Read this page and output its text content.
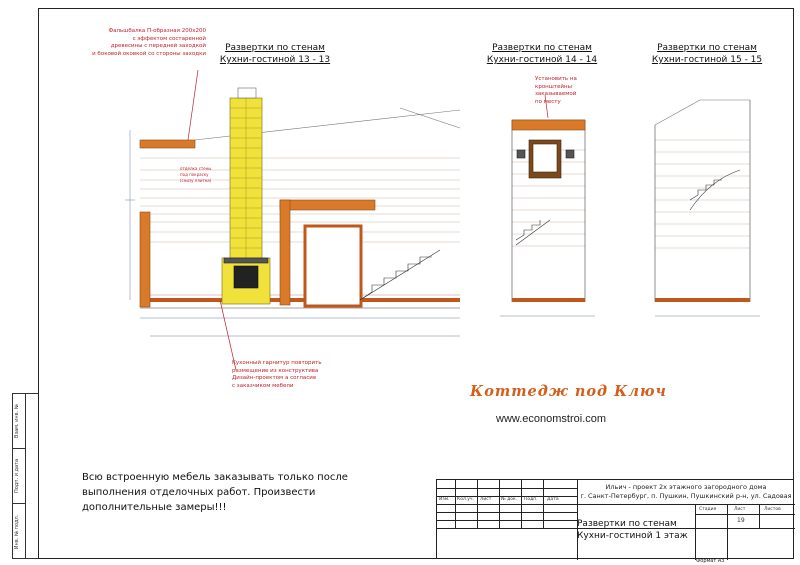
Взам. инв. №
Подп. и дата
Инв. № подл.
отделка стены
под покраску
(снизу плитка)
Развертки по стенам
Кухни-гостиной 13 - 13
Развертки по стенам
Кухни-гостиной 14 - 14
Развертки по стенам
Кухни-гостиной 15 - 15
Фальшбалка П-образная 200х200
с эффектом состаренной
древесины с передней заходкой
и боковой оковкой со стороны заходки
Установить на
кронштейны заказываемой
по месту
Кухонный гарнитур повторить
размещение из конструктива
Дизайн-проектом а согласие
с заказчиком мебели	Коттедж под Ключ
www.economstroi.com
Всю встроенную мебель заказывать только после
выполнения отделочных работ. Произвести
дополнительные замеры!!!
Изм. Кол.уч. Лист № док. Подп. Дата
Ильич - проект 2х этажного загородного дома
г. Санкт-Петербург, п. Пушкин, Пушкинский р-н, ул. Садовая
Развертки по стенам
Кухни-гостиной 1 этаж
Стадия	Лист	Листов
19
Формат А3
